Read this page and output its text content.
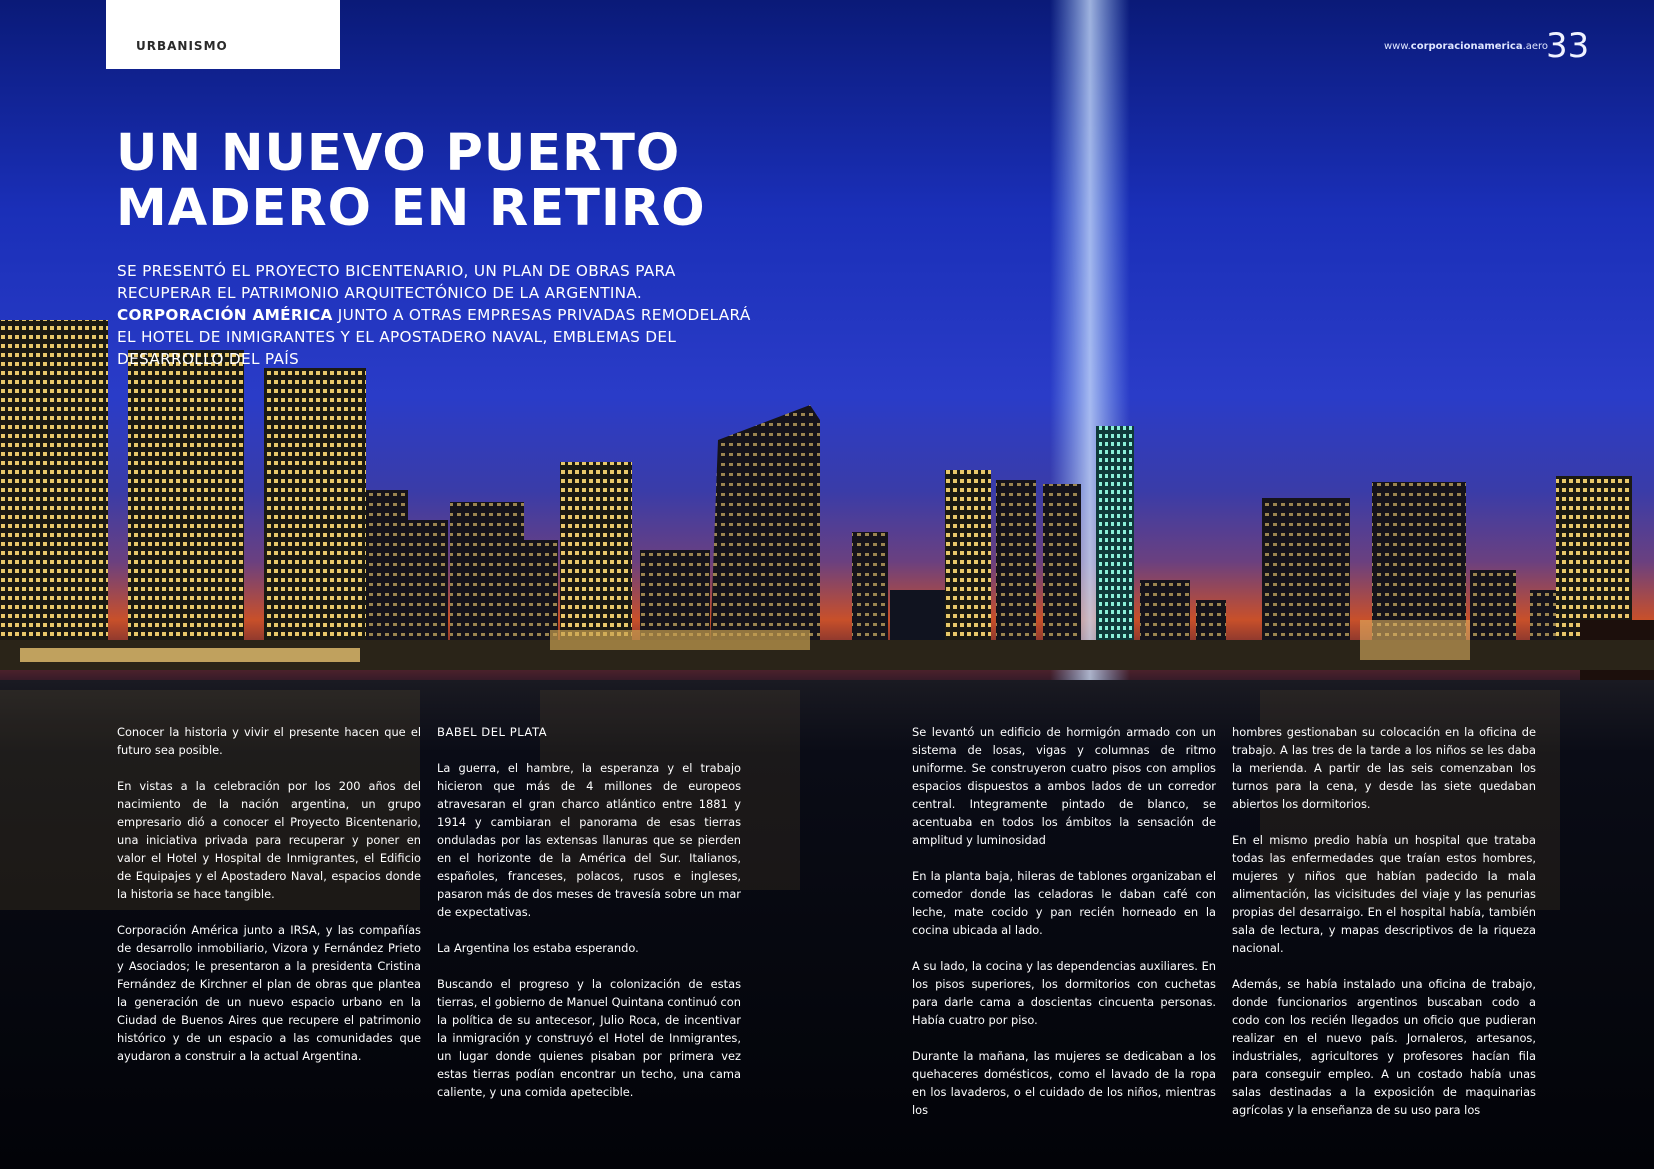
URBANISMO	www.corporacionamerica.aero
33
UN NUEVO PUERTO
MADERO EN RETIRO

SE PRESENTÓ EL PROYECTO BICENTENARIO, UN PLAN DE OBRAS PARA RECUPERAR EL PATRIMONIO ARQUITECTÓNICO DE LA ARGENTINA. CORPORACIÓN AMÉRICA JUNTO A OTRAS EMPRESAS PRIVADAS REMODELARÁ EL HOTEL DE INMIGRANTES Y EL APOSTADERO NAVAL, EMBLEMAS DEL DESARROLLO DEL PAÍS

Conocer la historia y vivir el presente hacen que el futuro sea posible.

En vistas a la celebración por los 200 años del nacimiento de la nación argentina, un grupo empresario dió a conocer el Proyecto Bicentenario, una iniciativa privada para recuperar y poner en valor el Hotel y Hospital de Inmigrantes, el Edificio de Equipajes y el Apostadero Naval, espacios donde la historia se hace tangible.

Corporación América junto a IRSA, y las compañías de desarrollo inmobiliario, Vizora y Fernández Prieto y Asociados; le presentaron a la presidenta Cristina Fernández de Kirchner el plan de obras que plantea la generación de un nuevo espacio urbano en la Ciudad de Buenos Aires que recupere el patrimonio histórico y de un espacio a las comunidades que ayudaron a construir a la actual Argentina.

BABEL DEL PLATA

La guerra, el hambre, la esperanza y el trabajo hicieron que más de 4 millones de europeos atravesaran el gran charco atlántico entre 1881 y 1914 y cambiaran el panorama de esas tierras onduladas por las extensas llanuras que se pierden en el horizonte de la América del Sur. Italianos, españoles, franceses, polacos, rusos e ingleses, pasaron más de dos meses de travesía sobre un mar de expectativas.

La Argentina los estaba esperando.

Buscando el progreso y la colonización de estas tierras, el gobierno de Manuel Quintana continuó con la política de su antecesor, Julio Roca, de incentivar la inmigración y construyó el Hotel de Inmigrantes, un lugar donde quienes pisaban por primera vez estas tierras podían encontrar un techo, una cama caliente, y una comida apetecible.

Se levantó un edificio de hormigón armado con un sistema de losas, vigas y columnas de ritmo uniforme. Se construyeron cuatro pisos con amplios espacios dispuestos a ambos lados de un corredor central. Integramente pintado de blanco, se acentuaba en todos los ámbitos la sensación de amplitud y luminosidad

En la planta baja, hileras de tablones organizaban el comedor donde las celadoras le daban café con leche, mate cocido y pan recién horneado en la cocina ubicada al lado.

A su lado, la cocina y las dependencias auxiliares. En los pisos superiores, los dormitorios con cuchetas para darle cama a doscientas cincuenta personas. Había cuatro por piso.

Durante la mañana, las mujeres se dedicaban a los quehaceres domésticos, como el lavado de la ropa en los lavaderos, o el cuidado de los niños, mientras los

hombres gestionaban su colocación en la oficina de trabajo. A las tres de la tarde a los niños se les daba la merienda. A partir de las seis comenzaban los turnos para la cena, y desde las siete quedaban abiertos los dormitorios.

En el mismo predio había un hospital que trataba todas las enfermedades que traían estos hombres, mujeres y niños que habían padecido la mala alimentación, las vicisitudes del viaje y las penurias propias del desarraigo. En el hospital había, también sala de lectura, y mapas descriptivos de la riqueza nacional.

Además, se había instalado una oficina de trabajo, donde funcionarios argentinos buscaban codo a codo con los recién llegados un oficio que pudieran realizar en el nuevo país. Jornaleros, artesanos, industriales, agricultores y profesores hacían fila para conseguir empleo. A un costado había unas salas destinadas a la exposición de maquinarias agrícolas y la enseñanza de su uso para los
